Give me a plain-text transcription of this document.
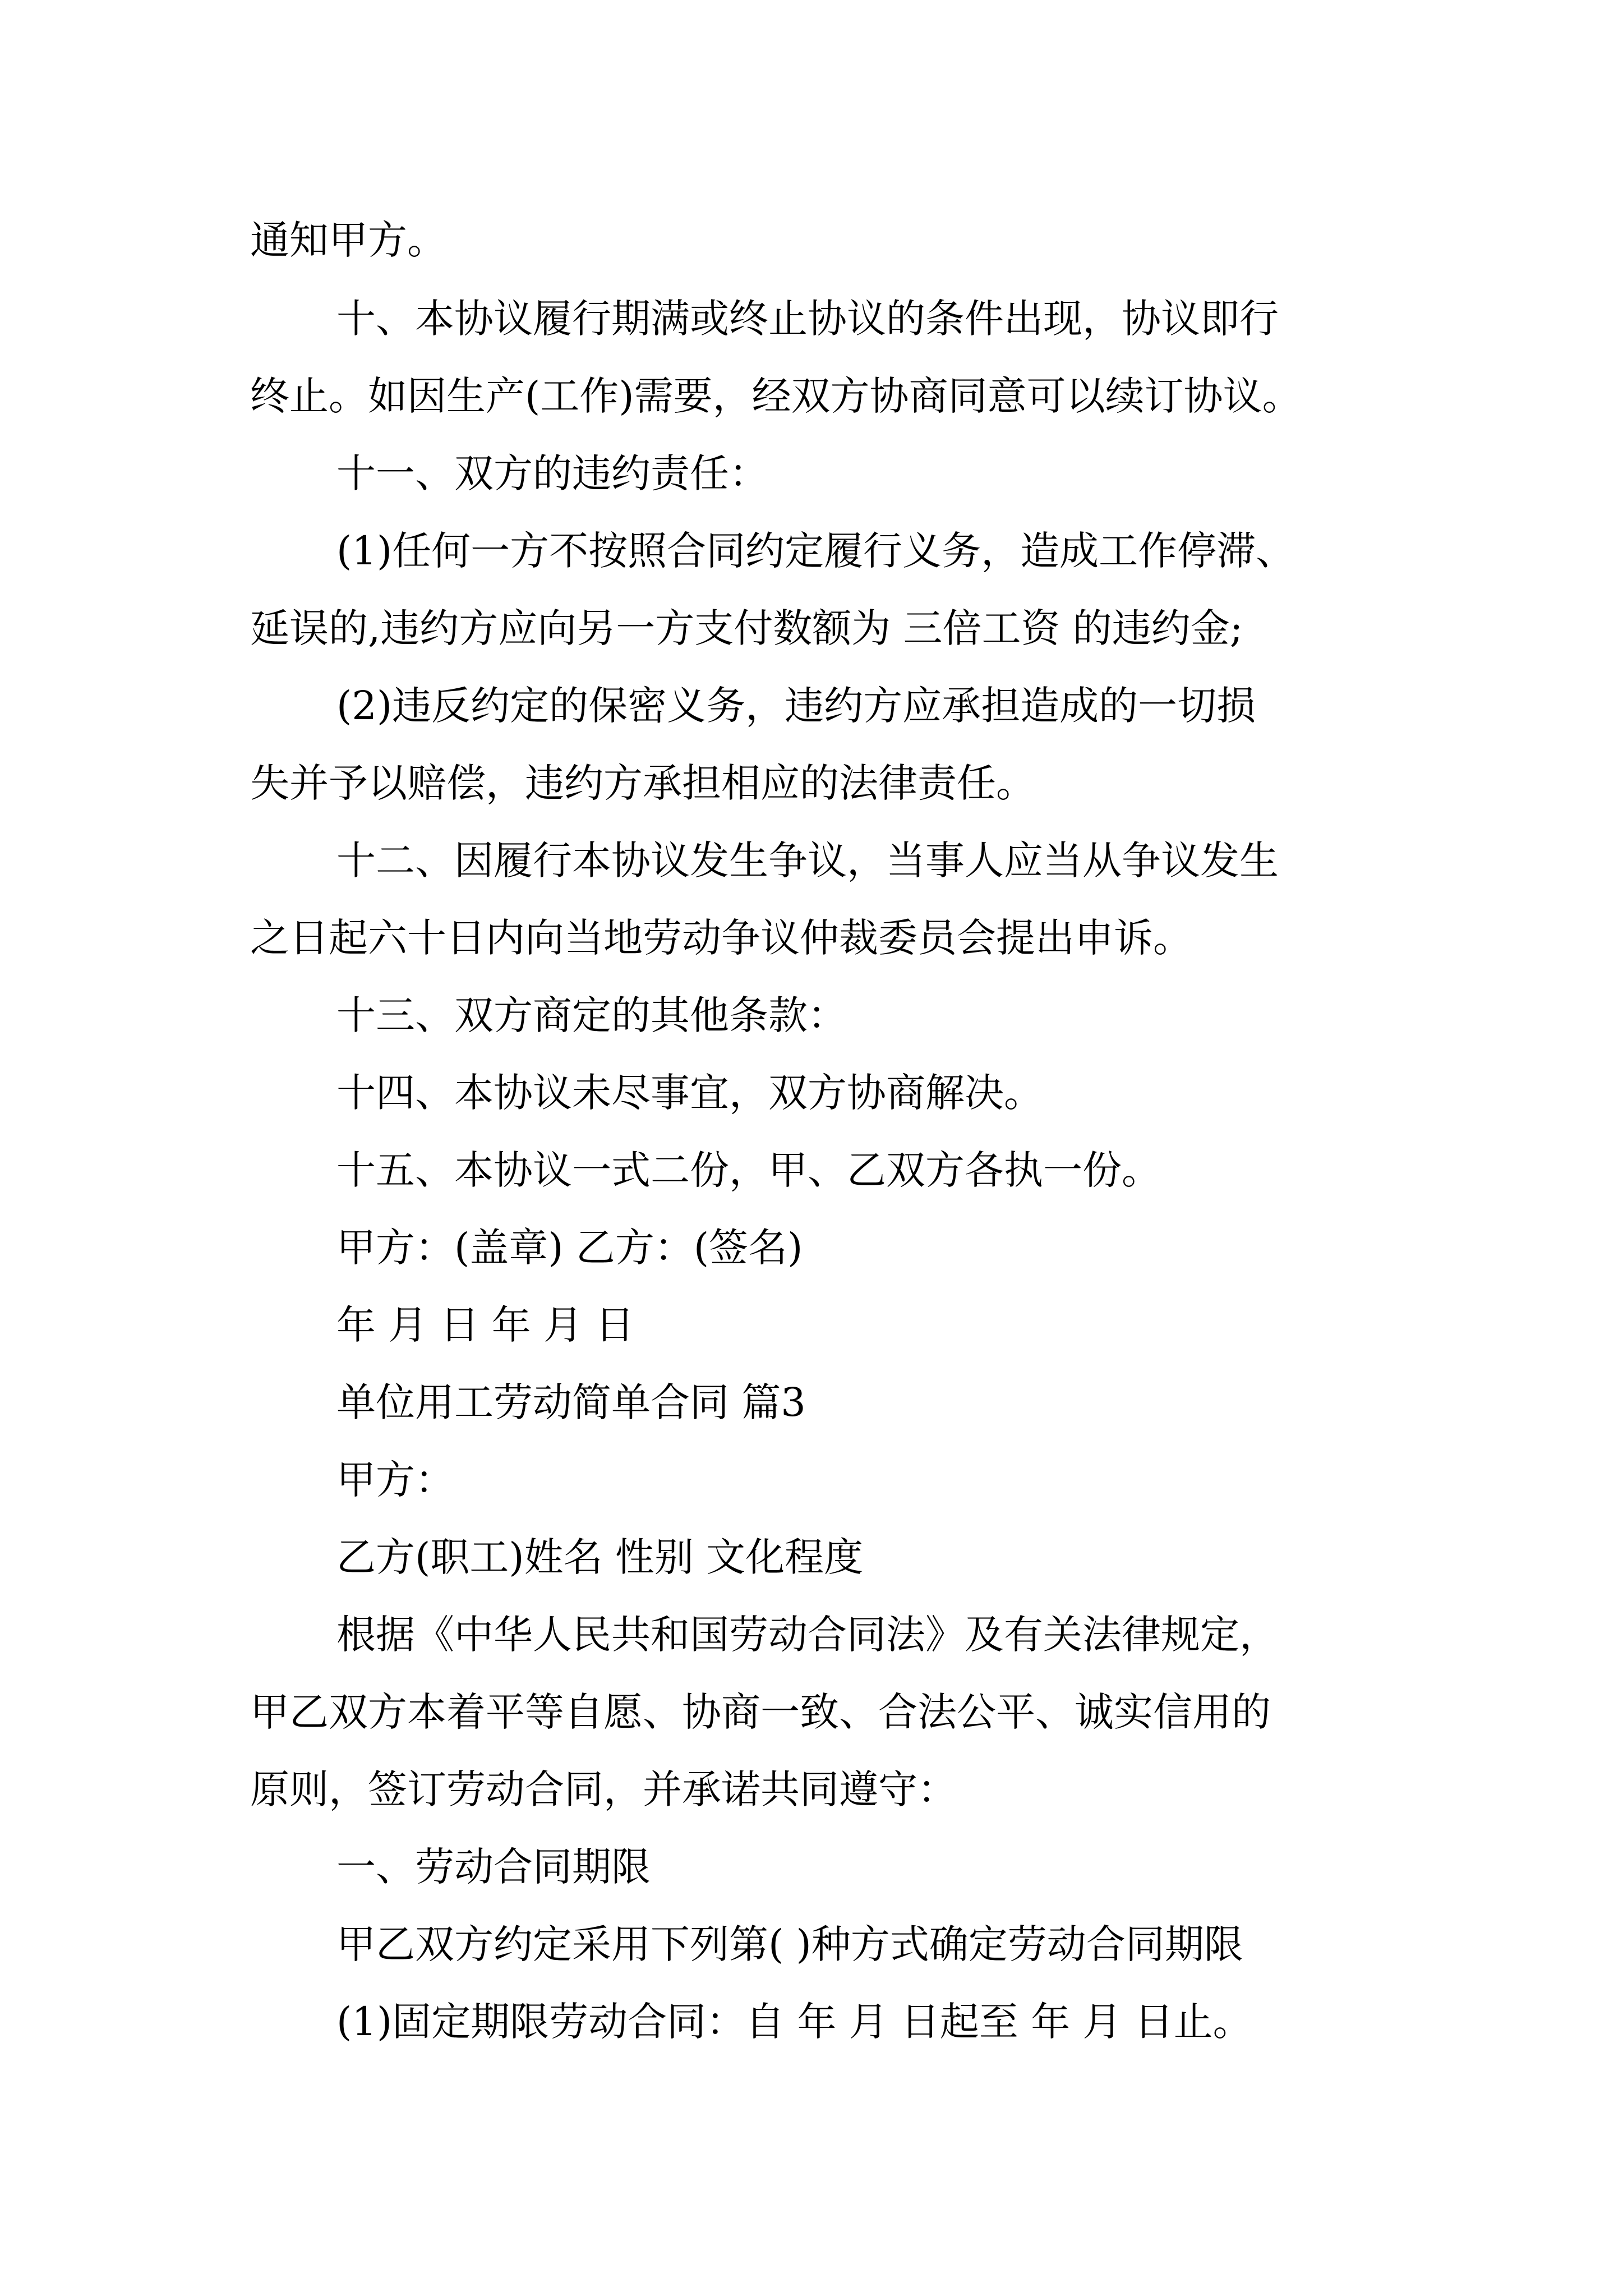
通知甲方。
十、本协议履行期满或终止协议的条件出现，协议即行
终止。如因生产(工作)需要，经双方协商同意可以续订协议。
十一、双方的违约责任：
(1)任何一方不按照合同约定履行义务，造成工作停滞、
延误的,违约方应向另一方支付数额为 三倍工资 的违约金;
(2)违反约定的保密义务，违约方应承担造成的一切损
失并予以赔偿，违约方承担相应的法律责任。
十二、因履行本协议发生争议，当事人应当从争议发生
之日起六十日内向当地劳动争议仲裁委员会提出申诉。
十三、双方商定的其他条款：
十四、本协议未尽事宜，双方协商解决。
十五、本协议一式二份，甲、乙双方各执一份。
甲方：(盖章) 乙方：(签名)
年 月 日 年 月 日
单位用工劳动简单合同 篇3
甲方：
乙方(职工)姓名 性别 文化程度
根据《中华人民共和国劳动合同法》及有关法律规定，
甲乙双方本着平等自愿、协商一致、合法公平、诚实信用的
原则，签订劳动合同，并承诺共同遵守：
一、劳动合同期限
甲乙双方约定采用下列第( )种方式确定劳动合同期限
(1)固定期限劳动合同：自 年 月 日起至 年 月 日止。
